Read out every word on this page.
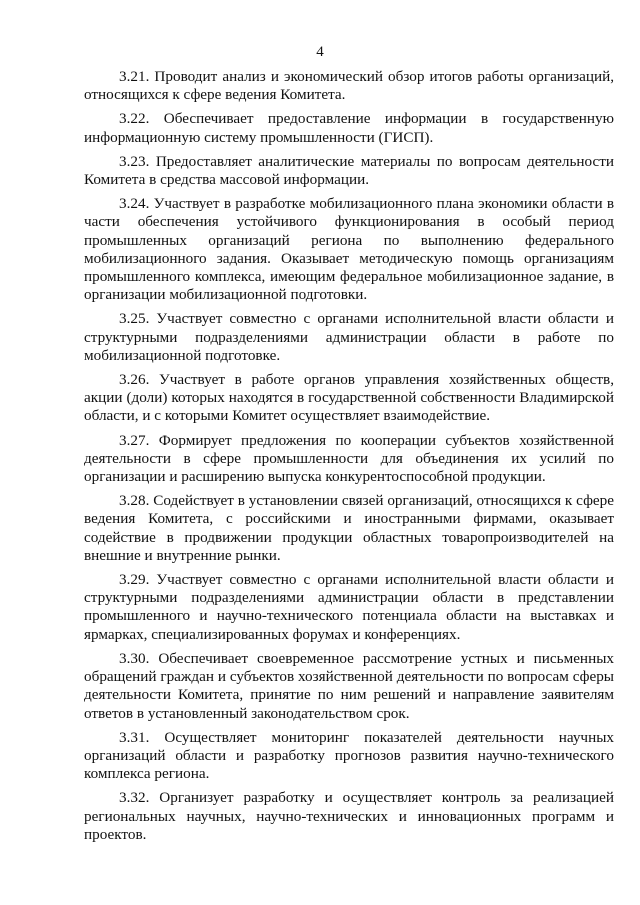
4

3.21. Проводит анализ и экономический обзор итогов работы организаций, относящихся к сфере ведения Комитета.

3.22. Обеспечивает предоставление информации в государственную информационную систему промышленности (ГИСП).

3.23. Предоставляет аналитические материалы по вопросам деятельности Комитета в средства массовой информации.

3.24. Участвует в разработке мобилизационного плана экономики области в части обеспечения устойчивого функционирования в особый период промышленных организаций региона по выполнению федерального мобилизационного задания. Оказывает методическую помощь организациям промышленного комплекса, имеющим федеральное мобилизационное задание, в организации мобилизационной подготовки.

3.25. Участвует совместно с органами исполнительной власти области и структурными подразделениями администрации области в работе по мобилизационной подготовке.

3.26. Участвует в работе органов управления хозяйственных обществ, акции (доли) которых находятся в государственной собственности Владимирской области, и с которыми Комитет осуществляет взаимодействие.

3.27. Формирует предложения по кооперации субъектов хозяйственной деятельности в сфере промышленности для объединения их усилий по организации и расширению выпуска конкурентоспособной продукции.

3.28. Содействует в установлении связей организаций, относящихся к сфере ведения Комитета, с российскими и иностранными фирмами, оказывает содействие в продвижении продукции областных товаропроизводителей на внешние и внутренние рынки.

3.29. Участвует совместно с органами исполнительной власти области и структурными подразделениями администрации области в представлении промышленного и научно-технического потенциала области на выставках и ярмарках, специализированных форумах и конференциях.

3.30. Обеспечивает своевременное рассмотрение устных и письменных обращений граждан и субъектов хозяйственной деятельности по вопросам сферы деятельности Комитета, принятие по ним решений и направление заявителям ответов в установленный законодательством срок.

3.31. Осуществляет мониторинг показателей деятельности научных организаций области и разработку прогнозов развития научно-технического комплекса региона.

3.32. Организует разработку и осуществляет контроль за реализацией региональных научных, научно-технических и инновационных программ и проектов.
